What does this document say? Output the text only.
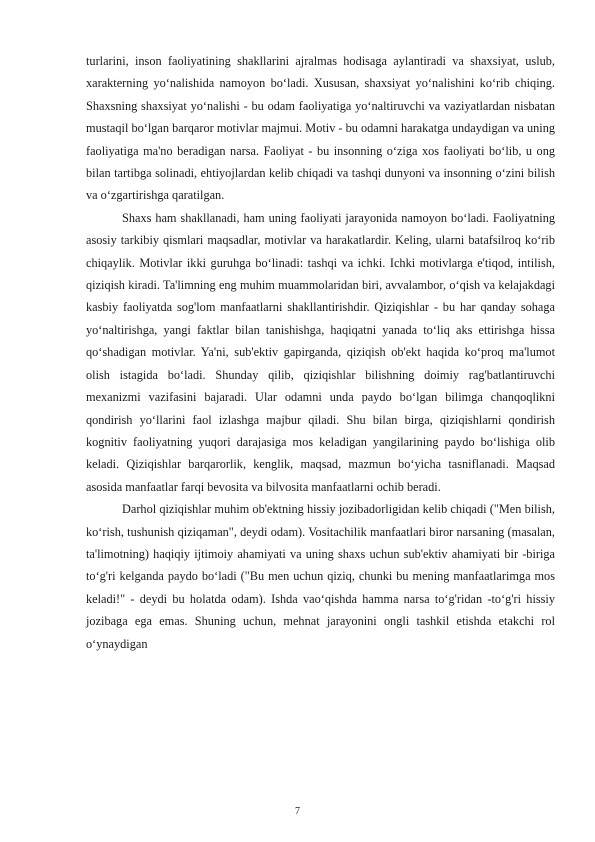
turlarini, inson faoliyatining shakllarini ajralmas hodisaga aylantiradi va shaxsiyat, uslub, xarakterning yo‘nalishida namoyon bo‘ladi. Xususan, shaxsiyat yo‘nalishini ko‘rib chiqing. Shaxsning shaxsiyat yo‘nalishi - bu odam faoliyatiga yo‘naltiruvchi va vaziyatlardan nisbatan mustaqil bo‘lgan barqaror motivlar majmui. Motiv - bu odamni harakatga undaydigan va uning faoliyatiga ma'no beradigan narsa. Faoliyat - bu insonning o‘ziga xos faoliyati bo‘lib, u ong bilan tartibga solinadi, ehtiyojlardan kelib chiqadi va tashqi dunyoni va insonning o‘zini bilish va o‘zgartirishga qaratilgan.

Shaxs ham shakllanadi, ham uning faoliyati jarayonida namoyon bo‘ladi. Faoliyatning asosiy tarkibiy qismlari maqsadlar, motivlar va harakatlardir. Keling, ularni batafsilroq ko‘rib chiqaylik. Motivlar ikki guruhga bo‘linadi: tashqi va ichki. Ichki motivlarga e'tiqod, intilish, qiziqish kiradi. Ta'limning eng muhim muammolaridan biri, avvalambor, o‘qish va kelajakdagi kasbiy faoliyatda sog'lom manfaatlarni shakllantirishdir. Qiziqishlar - bu har qanday sohaga yo‘naltirishga, yangi faktlar bilan tanishishga, haqiqatni yanada to‘liq aks ettirishga hissa qo‘shadigan motivlar. Ya'ni, sub'ektiv gapirganda, qiziqish ob'ekt haqida ko‘proq ma'lumot olish istagida bo‘ladi. Shunday qilib, qiziqishlar bilishning doimiy rag'batlantiruvchi mexanizmi vazifasini bajaradi. Ular odamni unda paydo bo‘lgan bilimga chanqoqlikni qondirish yo‘llarini faol izlashga majbur qiladi. Shu bilan birga, qiziqishlarni qondirish kognitiv faoliyatning yuqori darajasiga mos keladigan yangilarining paydo bo‘lishiga olib keladi. Qiziqishlar barqarorlik, kenglik, maqsad, mazmun bo‘yicha tasniflanadi. Maqsad asosida manfaatlar farqi bevosita va bilvosita manfaatlarni ochib beradi.

Darhol qiziqishlar muhim ob'ektning hissiy jozibadorligidan kelib chiqadi ("Men bilish, ko‘rish, tushunish qiziqaman", deydi odam). Vositachilik manfaatlari biror narsaning (masalan, ta'limotning) haqiqiy ijtimoiy ahamiyati va uning shaxs uchun sub'ektiv ahamiyati bir -biriga to‘g'ri kelganda paydo bo‘ladi ("Bu men uchun qiziq, chunki bu mening manfaatlarimga mos keladi!" - deydi bu holatda odam). Ishda vao‘qishda hamma narsa to‘g'ridan -to‘g'ri hissiy jozibaga ega emas. Shuning uchun, mehnat jarayonini ongli tashkil etishda etakchi rol o‘ynaydigan

7
